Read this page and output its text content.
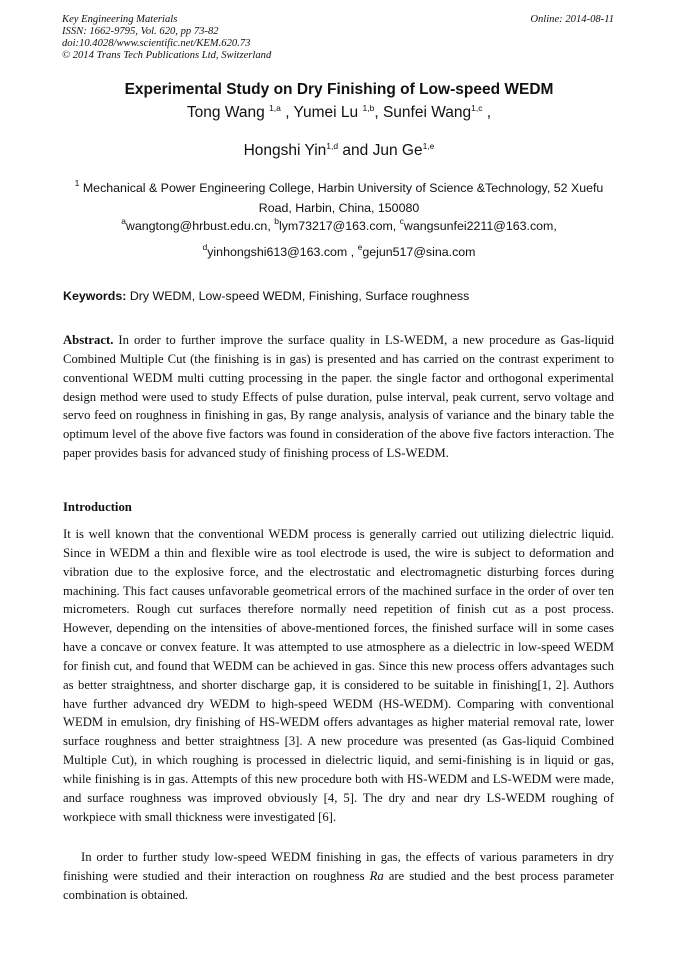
Key Engineering Materials
ISSN: 1662-9795, Vol. 620, pp 73-82
doi:10.4028/www.scientific.net/KEM.620.73
© 2014 Trans Tech Publications Ltd, Switzerland
Online: 2014-08-11
Experimental Study on Dry Finishing of Low-speed WEDM
Tong Wang $^{1,a}$ , Yumei Lu $^{1,b}$, Sunfei Wang$^{1,c}$ ,
Hongshi Yin$^{1,d}$ and Jun Ge$^{1,e}$
$^1$ Mechanical & Power Engineering College, Harbin University of Science &Technology, 52 Xuefu Road, Harbin, China, 150080
$^a$wangtong@hrbust.edu.cn, $^b$lym73217@163.com, $^c$wangsunfei2211@163.com,
$^d$yinhongshi613@163.com , $^e$gejun517@sina.com
Keywords: Dry WEDM, Low-speed WEDM, Finishing, Surface roughness
Abstract. In order to further improve the surface quality in LS-WEDM, a new procedure as Gas-liquid Combined Multiple Cut (the finishing is in gas) is presented and has carried on the contrast experiment to conventional WEDM multi cutting processing in the paper. the single factor and orthogonal experimental design method were used to study Effects of pulse duration, pulse interval, peak current, servo voltage and servo feed on roughness in finishing in gas, By range analysis, analysis of variance and the binary table the optimum level of the above five factors was found in consideration of the above five factors interaction. The paper provides basis for advanced study of finishing process of LS-WEDM.
Introduction
It is well known that the conventional WEDM process is generally carried out utilizing dielectric liquid. Since in WEDM a thin and flexible wire as tool electrode is used, the wire is subject to deformation and vibration due to the explosive force, and the electrostatic and electromagnetic disturbing forces during machining. This fact causes unfavorable geometrical errors of the machined surface in the order of over ten micrometers. Rough cut surfaces therefore normally need repetition of finish cut as a post process. However, depending on the intensities of above-mentioned forces, the finished surface will in some cases have a concave or convex feature. It was attempted to use atmosphere as a dielectric in low-speed WEDM for finish cut, and found that WEDM can be achieved in gas. Since this new process offers advantages such as better straightness, and shorter discharge gap, it is considered to be suitable in finishing[1, 2]. Authors have further advanced dry WEDM to high-speed WEDM (HS-WEDM). Comparing with conventional WEDM in emulsion, dry finishing of HS-WEDM offers advantages as higher material removal rate, lower surface roughness and better straightness [3]. A new procedure was presented (as Gas-liquid Combined Multiple Cut), in which roughing is processed in dielectric liquid, and semi-finishing is in liquid or gas, while finishing is in gas. Attempts of this new procedure both with HS-WEDM and LS-WEDM were made, and surface roughness was improved obviously [4, 5]. The dry and near dry LS-WEDM roughing of workpiece with small thickness were investigated [6].
In order to further study low-speed WEDM finishing in gas, the effects of various parameters in dry finishing were studied and their interaction on roughness Ra are studied and the best process parameter combination is obtained.
